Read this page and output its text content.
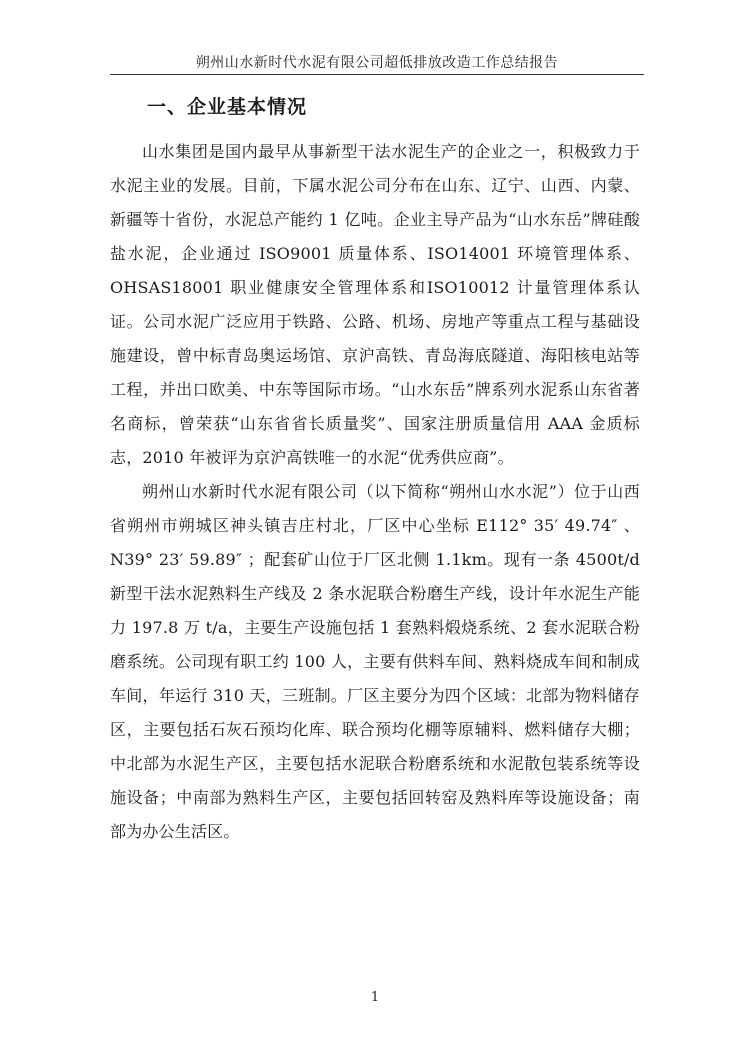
朔州山水新时代水泥有限公司超低排放改造工作总结报告
一、企业基本情况

山水集团是国内最早从事新型干法水泥生产的企业之一，积极致力于水泥主业的发展。目前，下属水泥公司分布在山东、辽宁、山西、内蒙、新疆等十省份，水泥总产能约 1 亿吨。企业主导产品为“山水东岳”牌硅酸盐水泥，企业通过 ISO9001 质量体系、ISO14001 环境管理体系、OHSAS18001 职业健康安全管理体系和ISO10012 计量管理体系认证。公司水泥广泛应用于铁路、公路、机场、房地产等重点工程与基础设施建设，曾中标青岛奥运场馆、京沪高铁、青岛海底隧道、海阳核电站等工程，并出口欧美、中东等国际市场。“山水东岳”牌系列水泥系山东省著名商标，曾荣获“山东省省长质量奖”、国家注册质量信用 AAA 金质标志，2010 年被评为京沪高铁唯一的水泥“优秀供应商”。

朔州山水新时代水泥有限公司（以下简称“朔州山水水泥”）位于山西省朔州市朔城区神头镇吉庄村北，厂区中心坐标 E112° 35′ 49.74″ 、N39° 23′ 59.89″ ；配套矿山位于厂区北侧 1.1km。现有一条 4500t/d 新型干法水泥熟料生产线及 2 条水泥联合粉磨生产线，设计年水泥生产能力 197.8 万 t/a，主要生产设施包括 1 套熟料煅烧系统、2 套水泥联合粉磨系统。公司现有职工约 100 人，主要有供料车间、熟料烧成车间和制成车间，年运行 310 天，三班制。厂区主要分为四个区域：北部为物料储存区，主要包括石灰石预均化库、联合预均化棚等原辅料、燃料储存大棚；中北部为水泥生产区，主要包括水泥联合粉磨系统和水泥散包装系统等设施设备；中南部为熟料生产区，主要包括回转窑及熟料库等设施设备；南部为办公生活区。

1
